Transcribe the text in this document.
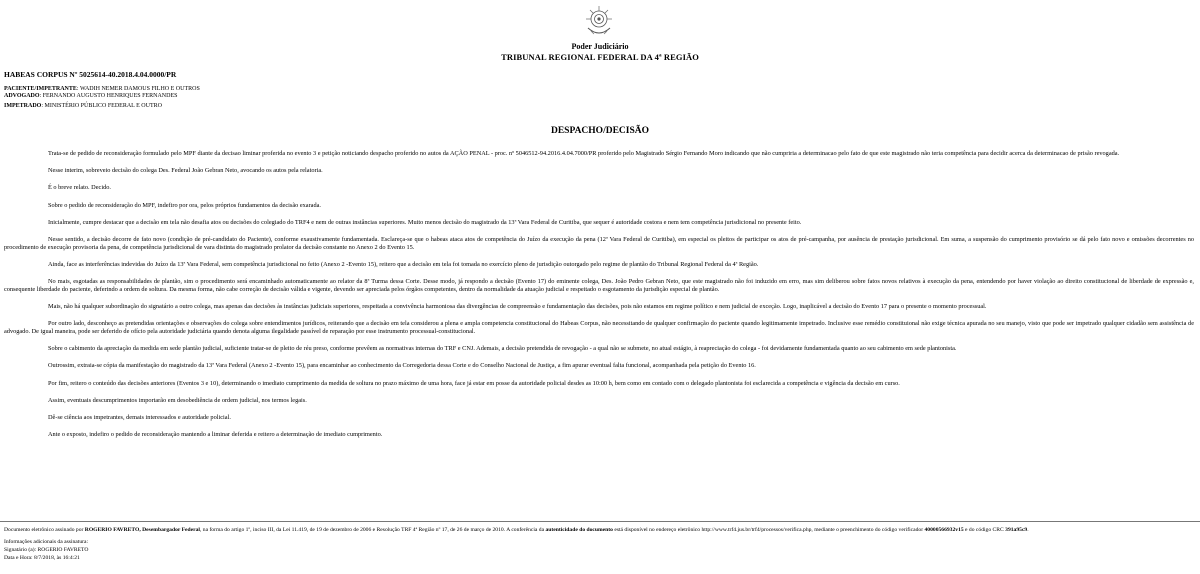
Poder Judiciário
TRIBUNAL REGIONAL FEDERAL DA 4ª REGIÃO
HABEAS CORPUS Nº 5025614-40.2018.4.04.0000/PR
PACIENTE/IMPETRANTE: WADIH NEMER DAMOUS FILHO E OUTROS
ADVOGADO: FERNANDO AUGUSTO HENRIQUES FERNANDES
IMPETRADO: MINISTÉRIO PÚBLICO FEDERAL E OUTRO
DESPACHO/DECISÃO

Trata-se de pedido de reconsideração formulado pelo MPF diante da decisao liminar proferida no evento 3 e petição noticiando despacho proferido no autos da AÇÃO PENAL - proc. nº 5046512-94.2016.4.04.7000/PR proferido pelo Magistrado Sérgio Fernando Moro indicando que não cumpriria a determinacao pelo fato de que este magistrado não teria competência para decidir acerca da determinacao de prisão revogada.

Nesse interim, sobreveio decisão do colega Des. Federal João Gebran Neto, avocando os autos pela relatoria.

É o breve relato. Decido.

Sobre o pedido de reconsideração do MPF, indefiro por ora, pelos próprios fundamentos da decisão exarada.

Inicialmente, cumpre destacar que a decisão em tela não desafia atos ou decisões do colegiado do TRF4 e nem de outras instâncias superiores. Muito menos decisão do magistrado da 13ª Vara Federal de Curitiba, que sequer é autoridade costora e nem tem competência jurisdicional no presente feito.

Nesse sentido, a decisão decorre de fato novo (condição de pré-candidato do Paciente), conforme exaustivamente fundamentada. Esclareça-se que o habeas ataca atos de competência do Juízo da execução da pena (12ª Vara Federal de Curitiba), em especial os pleitos de participar os atos de pré-campanha, por ausência de prestação jurisdicional. Em suma, a suspensão do cumprimento provisório se dá pelo fato novo e omissões decorrentes no procedimento de execução provisoria da pena, de competência jurisdicional de vara distinta do magistrado prolator da decisão constante no Anexo 2 do Evento 15.

Ainda, face as interferências indevidas do Juízo da 13ª Vara Federal, sem competência jurisdicional no feito (Anexo 2 -Evento 15), reitero que a decisão em tela foi tomada no exercício pleno de jurisdição outorgado pelo regime de plantão do Tribunal Regional Federal da 4ª Região.

No mais, esgotadas as responsabilidades de plantão, sim o procedimento será encaminhado automaticamente ao relator da 8ª Turma dessa Corte. Desse modo, já respondo a decisão (Evento 17) do eminente colega, Des. João Pedro Gebran Neto, que este magistrado não foi induzido em erro, mas sim deliberou sobre fatos novos relativos à execução da pena, entendendo por haver violação ao direito constitucional de liberdade de expressão e, consequente liberdade do paciente, deferindo a ordem de soltura. Da mesma forma, não cabe correção de decisão válida e vigente, devendo ser apreciada pelos órgãos competentes, dentro da normalidade da atuação judicial e respeitado o esgotamento da jurisdição especial de plantão.

Mais, não há qualquer subordinação do signatário a outro colega, mas apenas das decisões às instâncias judiciais superiores, respeitada a convivência harmoniosa das divergências de compreensão e fundamentação das decisões, pois não estamos em regime político e nem judicial de exceção. Logo, inaplicável a decisão do Evento 17 para o presente o momento processual.

Por outro lado, desconheço as pretendidas orientações e observações do colega sobre entendimentos jurídicos, reiterando que a decisão em tela considerou a plena e ampla competencia constitucional do Habeas Corpus, não necessitando de qualquer confirmação do paciente quando legitimamente impetrado. Inclusive esse remédio constituional não exige técnica apurada no seu manejo, visto que pode ser impetrado qualquer cidadão sem assistência de advogado. De igual maneira, pode ser deferido de ofício pela autoridade judiciária quando denota alguma ilegalidade passível de reparação por esse instrumento processual-constitucional.

Sobre o cabimento da apreciação da medida em sede plantão judicial, suficiente tratar-se de pleito de réu preso, conforme prevêem as normativas internas do TRF e CNJ. Ademais, a decisão pretendida de revogação - a qual não se submete, no atual estágio, à reapreciação do colega - foi devidamente fundamentada quanto ao seu cabimento em sede plantonista.

Outrossim, extraia-se cópia da manifestação do magistrado da 13ª Vara Federal (Anexo 2 -Evento 15), para encaminhar ao conhecimento da Corregedoria dessa Corte e do Conselho Nacional de Justiça, a fim apurar eventual falta funcional, acompanhada pela petição do Evento 16.

Por fim, reitero o conteúdo das decisões anteriores (Eventos 3 e 10), determinando o imediato cumprimento da medida de soltura no prazo máximo de uma hora, face já estar em posse da autoridade policial desdes as 10:00 h, bem como em contado com o delegado plantonista foi esclarecida a competência e vigência da decisão em curso.

Assim, eventuais descumprimentos importarão em desobediência de ordem judicial, nos termos legais.

Dê-se ciência aos impetrantes, demais interessados e autoridade policial.

Ante o exposto, indefiro o pedido de reconsideração mantendo a liminar deferida e reitero a determinação de imediato cumprimento.

Documento eletrônico assinado por ROGERIO FAVRETO, Desembargador Federal, na forma do artigo 1º, inciso III, da Lei 11.419, de 19 de dezembro de 2006 e Resolução TRF 4ª Região nº 17, de 26 de março de 2010. A conferência da autenticidade do documento está disponível no endereço eletrônico http://www.trf4.jus.br/trf4/processos/verifica.php, mediante o preenchimento do código verificador 40000566932v15 e do código CRC 391a95c9.
Informações adicionais da assinatura:
Signatário (a): ROGERIO FAVRETO
Data e Hora: 8/7/2018, às 16:4:21
